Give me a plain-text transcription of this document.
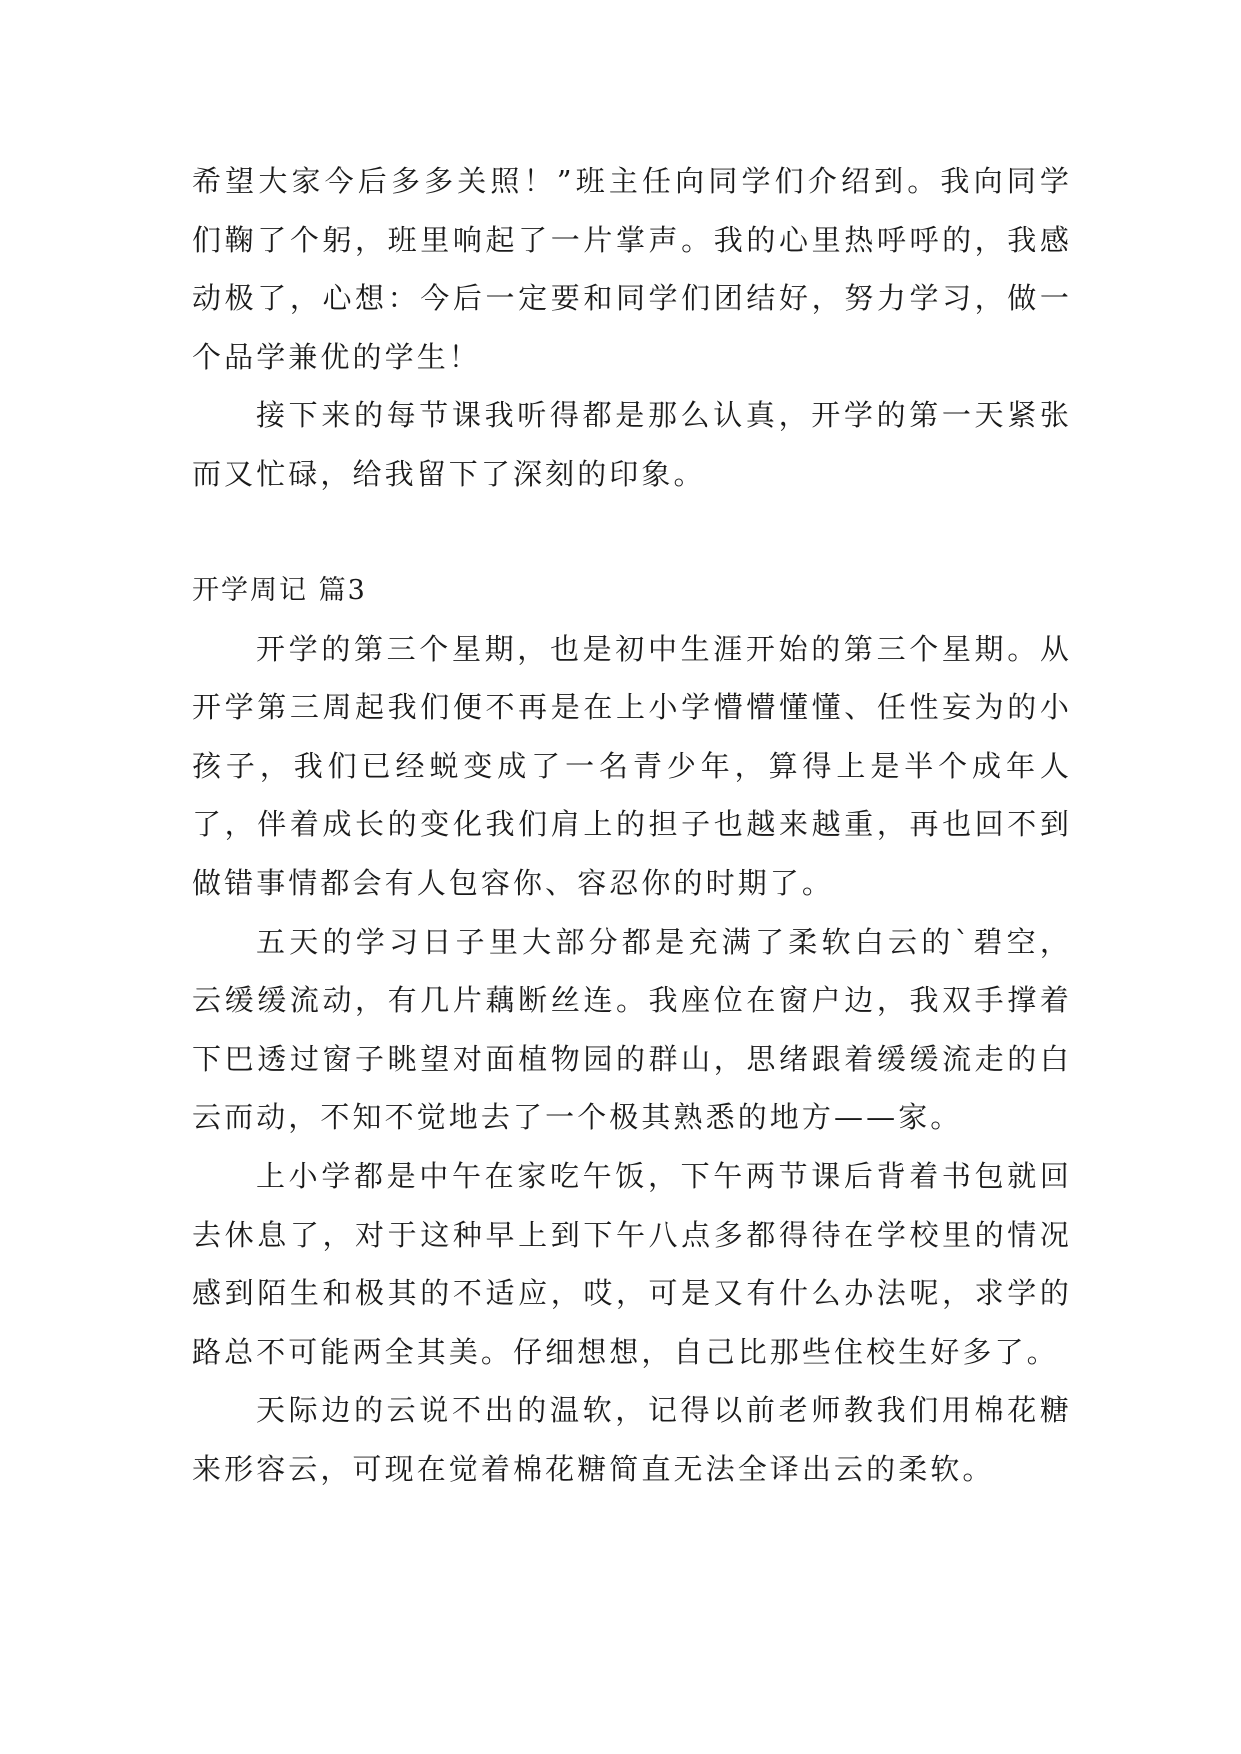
希望大家今后多多关照！”班主任向同学们介绍到。我向同学们鞠了个躬，班里响起了一片掌声。我的心里热呼呼的，我感动极了，心想：今后一定要和同学们团结好，努力学习，做一个品学兼优的学生！

接下来的每节课我听得都是那么认真，开学的第一天紧张而又忙碌，给我留下了深刻的印象。

开学周记 篇3

开学的第三个星期，也是初中生涯开始的第三个星期。从开学第三周起我们便不再是在上小学懵懵懂懂、任性妄为的小孩子，我们已经蜕变成了一名青少年，算得上是半个成年人了，伴着成长的变化我们肩上的担子也越来越重，再也回不到做错事情都会有人包容你、容忍你的时期了。

五天的学习日子里大部分都是充满了柔软白云的`碧空，云缓缓流动，有几片藕断丝连。我座位在窗户边，我双手撑着下巴透过窗子眺望对面植物园的群山，思绪跟着缓缓流走的白云而动，不知不觉地去了一个极其熟悉的地方——家。

上小学都是中午在家吃午饭，下午两节课后背着书包就回去休息了，对于这种早上到下午八点多都得待在学校里的情况感到陌生和极其的不适应，哎，可是又有什么办法呢，求学的路总不可能两全其美。仔细想想，自己比那些住校生好多了。

天际边的云说不出的温软，记得以前老师教我们用棉花糖来形容云，可现在觉着棉花糖简直无法全译出云的柔软。
